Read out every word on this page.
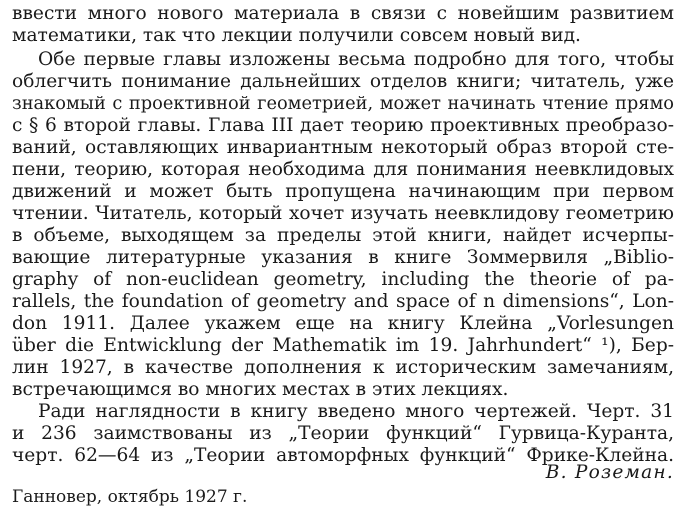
ввести много нового материала в связи с новейшим развитием
математики, так что лекции получили совсем новый вид.
Обе первые главы изложены весьма подробно для того, чтобы
облегчить понимание дальнейших отделов книги; читатель, уже
знакомый с проективной геометрией, может начинать чтение прямо
с § 6 второй главы. Глава III дает теорию проективных преобразо-
ваний, оставляющих инвариантным некоторый образ второй сте-
пени, теорию, которая необходима для понимания неевклидовых
движений и может быть пропущена начинающим при первом
чтении. Читатель, который хочет изучать неевклидову геометрию
в объеме, выходящем за пределы этой книги, найдет исчерпы-
вающие литературные указания в книге Зоммервиля „Biblio-
graphy of non-euclidean geometry, including the theorie of pa-
rallels, the foundation of geometry and space of n dimensions“, Lon-
don 1911. Далее укажем еще на книгу Клейна „Vorlesungen
über die Entwicklung der Mathematik im 19. Jahrhundert“ ¹), Бер-
лин 1927, в качестве дополнения к историческим замечаниям,
встречающимся во многих местах в этих лекциях.
Ради наглядности в книгу введено много чертежей. Черт. 31
и 236 заимствованы из „Теории функций“ Гурвица-Куранта,
черт. 62—64 из „Теории автоморфных функций“ Фрике-Клейна.
В. Роземан.
Ганновер, октябрь 1927 г.
